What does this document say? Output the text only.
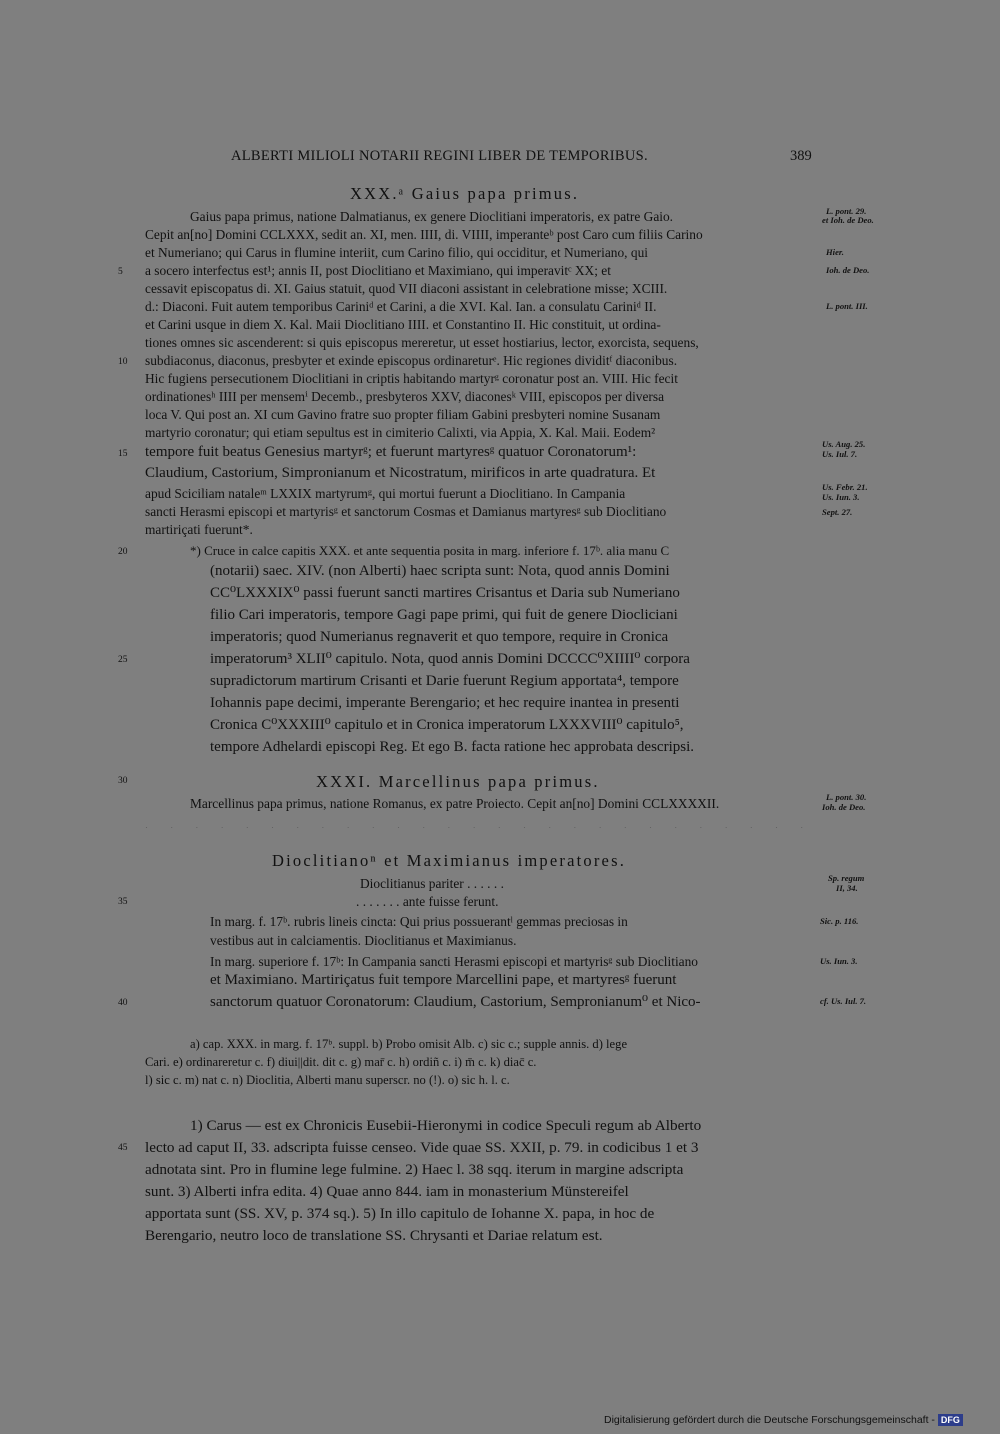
ALBERTI MILIOLI NOTARII REGINI LIBER DE TEMPORIBUS.	389
XXX.ᵃ Gaius papa primus.
Gaius papa primus, natione Dalmatianus, ex genere Dioclitiani imperatoris, ex patre Gaio.
Cepit an[no] Domini CCLXXX, sedit an. XI, men. IIII, di. VIIII, imperanteᵇ post Caro cum filiis Carino
et Numeriano; qui Carus in flumine interiit, cum Carino filio, qui occiditur, et Numeriano, qui
a socero interfectus est¹; annis II, post Dioclitiano et Maximiano, qui imperavitᶜ XX; et
cessavit episcopatus di. XI. Gaius statuit, quod VII diaconi assistant in celebratione misse; XCIII.
d.: Diaconi. Fuit autem temporibus Cariniᵈ et Carini, a die XVI. Kal. Ian. a consulatu Cariniᵈ II.
et Carini usque in diem X. Kal. Maii Dioclitiano IIII. et Constantino II. Hic constituit, ut ordina-
tiones omnes sic ascenderent: si quis episcopus mereretur, ut esset hostiarius, lector, exorcista, sequens,
subdiaconus, diaconus, presbyter et exinde episcopus ordinareturᵉ. Hic regiones dividitᶠ diaconibus.
Hic fugiens persecutionem Dioclitiani in criptis habitando martyrᵍ coronatur post an. VIII. Hic fecit
ordinationesʰ IIII per mensemⁱ Decemb., presbyteros XXV, diaconesᵏ VIII, episcopos per diversa
loca V. Qui post an. XI cum Gavino fratre suo propter filiam Gabini presbyteri nomine Susanam
martyrio coronatur; qui etiam sepultus est in cimiterio Calixti, via Appia, X. Kal. Maii. Eodem²
tempore fuit beatus Genesius martyrᵍ; et fuerunt martyresᵍ quatuor Coronatorum¹:
Claudium, Castorium, Simpronianum et Nicostratum, mirificos in arte quadratura. Et
apud Sciciliam nataleᵐ LXXIX martyrumᵍ, qui mortui fuerunt a Dioclitiano. In Campania
sancti Herasmi episcopi et martyrisᵍ et sanctorum Cosmas et Damianus martyresᵍ sub Dioclitiano
martiriçati fuerunt*.
*) Cruce in calce capitis XXX. et ante sequentia posita in marg. inferiore f. 17ᵇ. alia manu C
(notarii) saec. XIV. (non Alberti) haec scripta sunt: Nota, quod annis Domini
CC⁰LXXXIX⁰ passi fuerunt sancti martires Crisantus et Daria sub Numeriano
filio Cari imperatoris, tempore Gagi pape primi, qui fuit de genere Diocliciani
imperatoris; quod Numerianus regnaverit et quo tempore, require in Cronica
imperatorum³ XLII⁰ capitulo. Nota, quod annis Domini DCCCC⁰XIIII⁰ corpora
supradictorum martirum Crisanti et Darie fuerunt Regium apportata⁴, tempore
Iohannis pape decimi, imperante Berengario; et hec require inantea in presenti
Cronica C⁰XXXIII⁰ capitulo et in Cronica imperatorum LXXXVIII⁰ capitulo⁵,
tempore Adhelardi episcopi Reg. Et ego B. facta ratione hec approbata descripsi.
XXXI. Marcellinus papa primus.
Marcellinus papa primus, natione Romanus, ex patre Proiecto. Cepit an[no] Domini CCLXXXXII.
. . . . . . . . . . . . . . . . . . . . . . . . . . .
Dioclitianoⁿ et Maximianus imperatores.
Dioclitianus pariter . . . . . .
. . . . . . . ante fuisse ferunt.
In marg. f. 17ᵇ. rubris lineis cincta: Qui prius possuerantˡ gemmas preciosas in
vestibus aut in calciamentis. Dioclitianus et Maximianus.
In marg. superiore f. 17ᵇ: In Campania sancti Herasmi episcopi et martyrisᵍ sub Dioclitiano
et Maximiano. Martiriçatus fuit tempore Marcellini pape, et martyresᵍ fuerunt
sanctorum quatuor Coronatorum: Claudium, Castorium, Sempronianum⁰ et Nico-
a) cap. XXX. in marg. f. 17ᵇ. suppl. b) Probo omisit Alb. c) sic c.; supple annis. d) lege
Cari. e) ordinareretur c. f) diui||dit. dit c. g) mar̄ c. h) ordiñ c. i) m̄ c. k) diac̄ c.
l) sic c. m) nat c. n) Dioclitia, Alberti manu superscr. no (!). o) sic h. l. c.
1) Carus — est ex Chronicis Eusebii-Hieronymi in codice Speculi regum ab Alberto
lecto ad caput II, 33. adscripta fuisse censeo. Vide quae SS. XXII, p. 79. in codicibus 1 et 3
adnotata sint. Pro in flumine lege fulmine. 2) Haec l. 38 sqq. iterum in margine adscripta
sunt. 3) Alberti infra edita. 4) Quae anno 844. iam in monasterium Münstereifel
apportata sunt (SS. XV, p. 374 sq.). 5) In illo capitulo de Iohanne X. papa, in hoc de
Berengario, neutro loco de translatione SS. Chrysanti et Dariae relatum est.
5
10
15
20
25
30
35
40
45
L. pont. 29.
et Ioh. de Deo.
Hier.
Ioh. de Deo.
L. pont. III.
Us. Aug. 25.
Us. Iul. 7.
Us. Febr. 21.
Us. Iun. 3.
Sept. 27.
L. pont. 30.
Ioh. de Deo.
Sp. regum
II, 34.
Sic. p. 116.
Us. Iun. 3.
cf. Us. Iul. 7.
Digitalisierung gefördert durch die Deutsche Forschungsgemeinschaft - DFG
